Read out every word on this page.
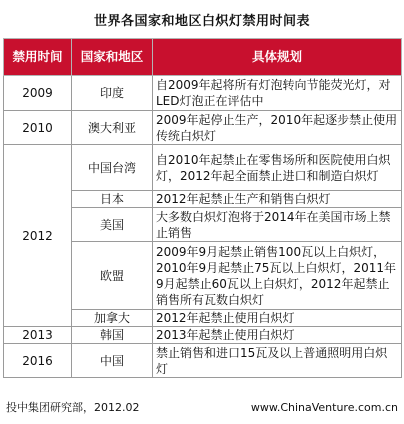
世界各国家和地区白炽灯禁用时间表
禁用时间	国家和地区	具体规划
2009	印度	自2009年起将所有灯泡转向节能荧光灯，对LED灯泡正在评估中
2010	澳大利亚	2009年起停止生产，2010年起逐步禁止使用传统白炽灯
2012	中国台湾	自2010年起禁止在零售场所和医院使用白炽灯，2012年起全面禁止进口和制造白炽灯
	日本	2012年起禁止生产和销售白炽灯
	美国	大多数白炽灯泡将于2014年在美国市场上禁止销售
	欧盟	2009年9月起禁止销售100瓦以上白炽灯，2010年9月起禁止75瓦以上白炽灯，2011年9月起禁止60瓦以上白炽灯，2012年起禁止销售所有瓦数白炽灯
	加拿大	2012年起禁止使用白炽灯
2013	韩国	2013年起禁止使用白炽灯
2016	中国	禁止销售和进口15瓦及以上普通照明用白炽灯
投中集团研究部，2012.02	www.ChinaVenture.com.cn
